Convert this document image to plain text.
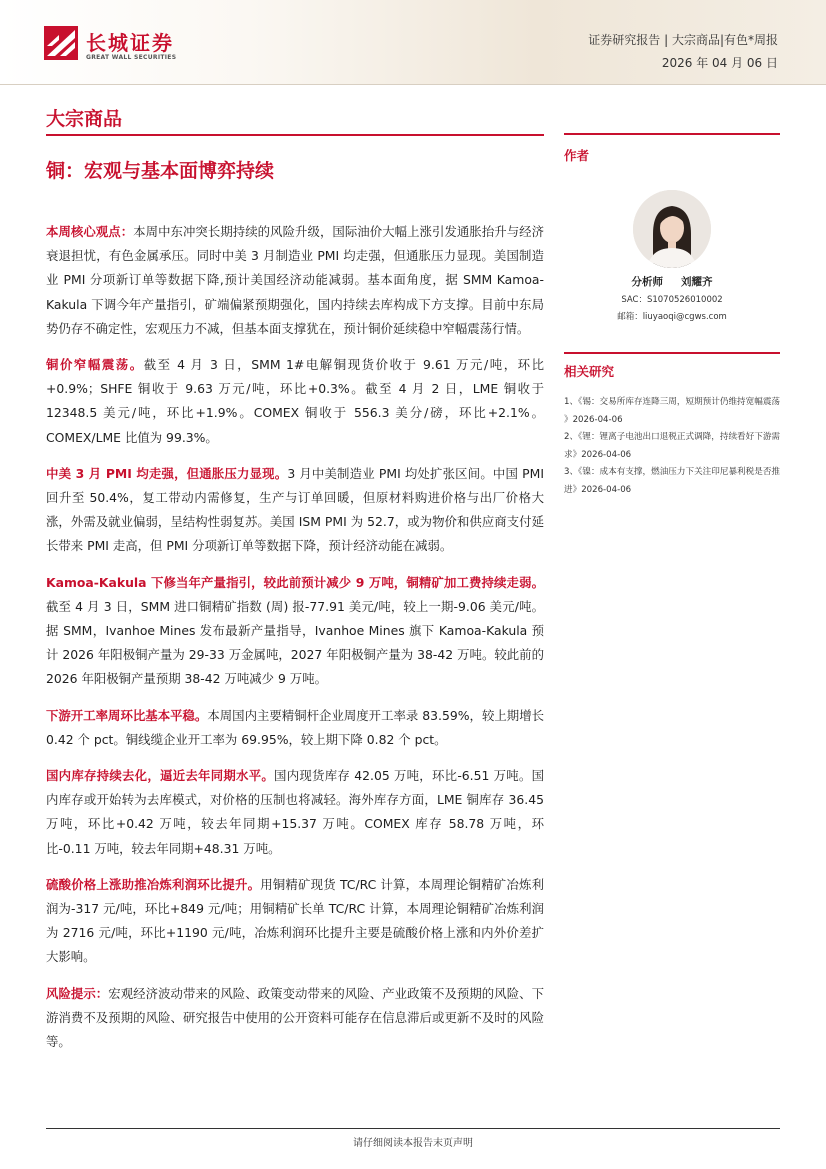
长城证券
GREAT WALL SECURITIES
证券研究报告 | 大宗商品|有色*周报
2026 年 04 月 06 日
大宗商品
铜：宏观与基本面博弈持续

本周核心观点：本周中东冲突长期持续的风险升级，国际油价大幅上涨引发通胀抬升与经济衰退担忧，有色金属承压。同时中美 3 月制造业 PMI 均走强，但通胀压力显现。美国制造业 PMI 分项新订单等数据下降,预计美国经济动能减弱。基本面角度，据 SMM Kamoa-Kakula 下调今年产量指引，矿端偏紧预期强化，国内持续去库构成下方支撑。目前中东局势仍存不确定性，宏观压力不减，但基本面支撑犹在，预计铜价延续稳中窄幅震荡行情。

铜价窄幅震荡。截至 4 月 3 日，SMM 1#电解铜现货价收于 9.61 万元/吨，环比+0.9%；SHFE 铜收于 9.63 万元/吨，环比+0.3%。截至 4 月 2 日，LME 铜收于 12348.5 美元/吨，环比+1.9%。COMEX 铜收于 556.3 美分/磅，环比+2.1%。COMEX/LME 比值为 99.3%。

中美 3 月 PMI 均走强，但通胀压力显现。3 月中美制造业 PMI 均处扩张区间。中国 PMI 回升至 50.4%，复工带动内需修复，生产与订单回暖，但原材料购进价格与出厂价格大涨，外需及就业偏弱，呈结构性弱复苏。美国 ISM PMI 为 52.7，或为物价和供应商支付延长带来 PMI 走高，但 PMI 分项新订单等数据下降，预计经济动能在减弱。

Kamoa-Kakula 下修当年产量指引，较此前预计减少 9 万吨，铜精矿加工费持续走弱。截至 4 月 3 日，SMM 进口铜精矿指数 (周) 报-77.91 美元/吨，较上一期-9.06 美元/吨。据 SMM，Ivanhoe Mines 发布最新产量指导，Ivanhoe Mines 旗下 Kamoa-Kakula 预计 2026 年阳极铜产量为 29-33 万金属吨，2027 年阳极铜产量为 38-42 万吨。较此前的 2026 年阳极铜产量预期 38-42 万吨减少 9 万吨。

下游开工率周环比基本平稳。本周国内主要精铜杆企业周度开工率录 83.59%，较上期增长 0.42 个 pct。铜线缆企业开工率为 69.95%，较上期下降 0.82 个 pct。

国内库存持续去化，逼近去年同期水平。国内现货库存 42.05 万吨，环比-6.51 万吨。国内库存或开始转为去库模式，对价格的压制也将减轻。海外库存方面，LME 铜库存 36.45 万吨，环比+0.42 万吨，较去年同期+15.37 万吨。COMEX 库存 58.78 万吨，环比-0.11 万吨，较去年同期+48.31 万吨。

硫酸价格上涨助推冶炼利润环比提升。用铜精矿现货 TC/RC 计算，本周理论铜精矿冶炼利润为-317 元/吨，环比+849 元/吨；用铜精矿长单 TC/RC 计算，本周理论铜精矿冶炼利润为 2716 元/吨，环比+1190 元/吨，冶炼利润环比提升主要是硫酸价格上涨和内外价差扩大影响。

风险提示：宏观经济波动带来的风险、政策变动带来的风险、产业政策不及预期的风险、下游消费不及预期的风险、研究报告中使用的公开资料可能存在信息滞后或更新不及时的风险等。

作者
分析师 刘耀齐
SAC：S1070526010002
邮箱：liuyaoqi@cgws.com
相关研究
1、《锡：交易所库存连降三周，短期预计仍维持宽幅震荡 》2026-04-06
2、《锂：锂离子电池出口退税正式调降，持续看好下游需求》2026-04-06
3、《镍：成本有支撑，燃油压力下关注印尼暴利税是否推进》2026-04-06
请仔细阅读本报告末页声明
